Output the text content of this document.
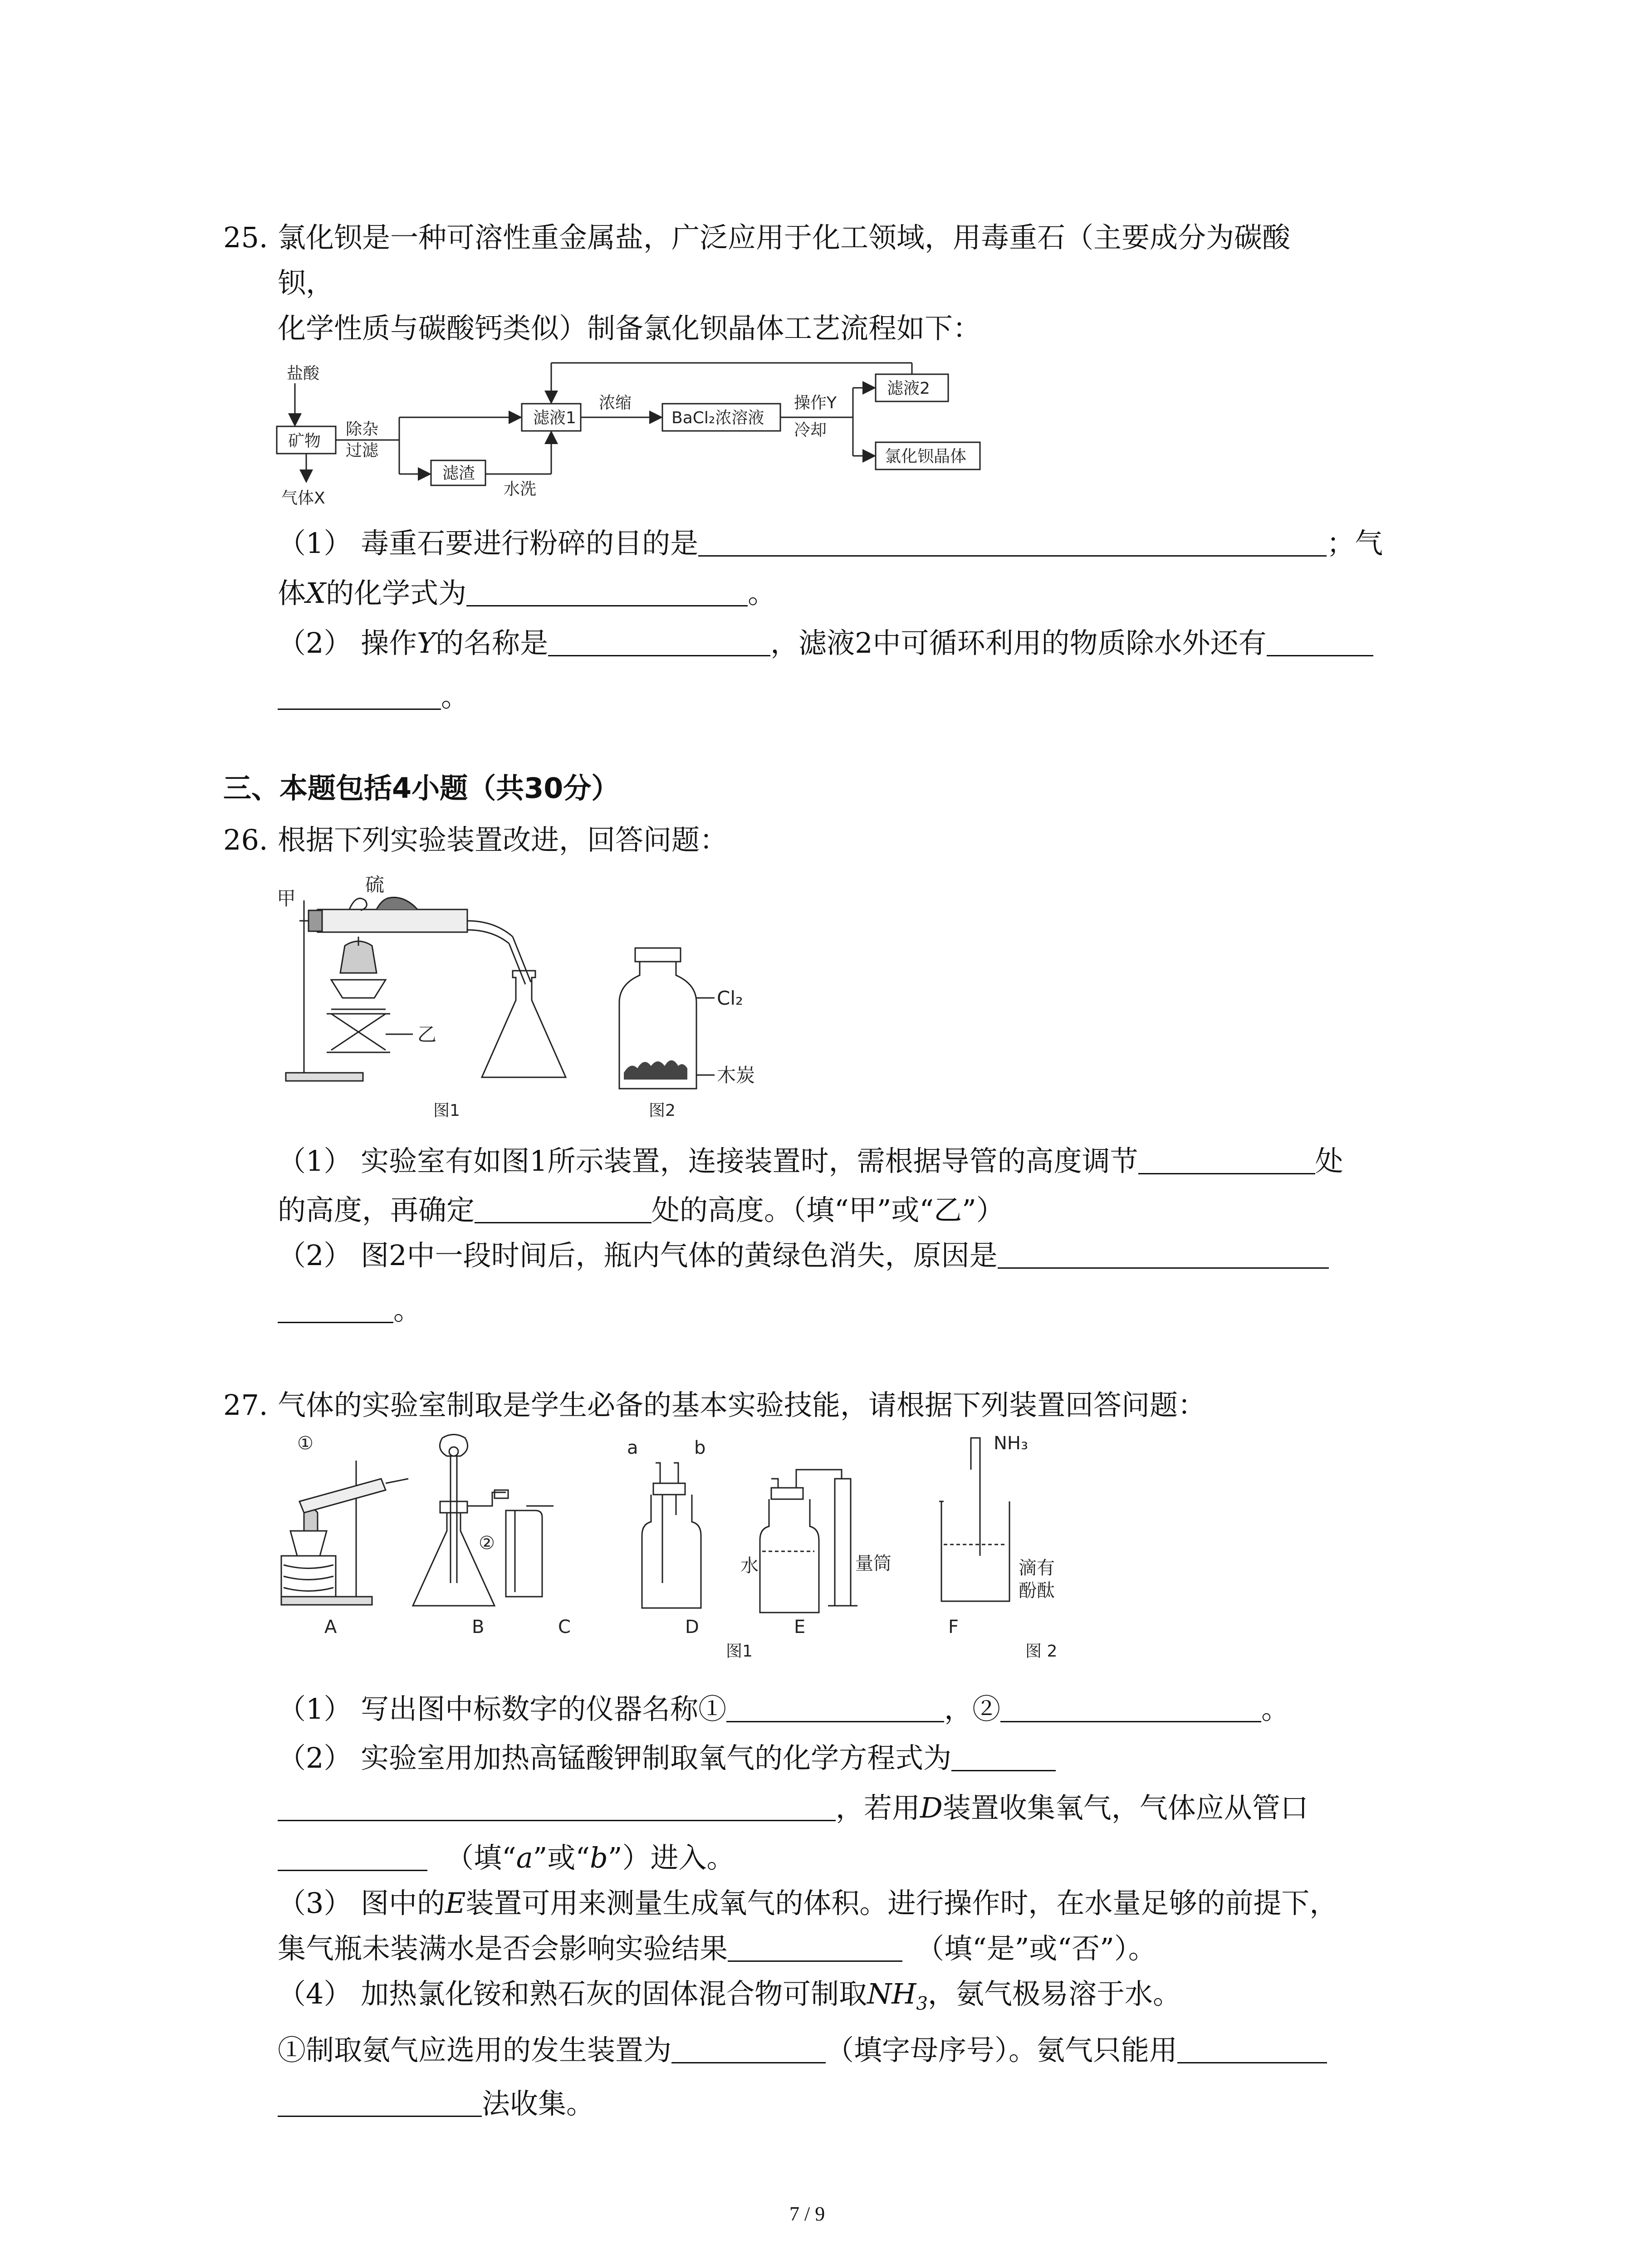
25. 氯化钡是一种可溶性重金属盐，广泛应用于化工领域，用毒重石（主要成分为碳酸
钡，
化学性质与碳酸钙类似）制备氯化钡晶体工艺流程如下：
盐酸
矿物
除杂
过滤
气体X
滤液1
滤渣
水洗
浓缩
BaCl₂浓溶液
操作Y
冷却
滤液2
氯化钡晶体
（1） 毒重石要进行粉碎的目的是	；气
体X的化学式为	。
（2） 操作Y的名称是	，滤液2中可循环利用的物质除水外还有
。
三、本题包括4小题（共30分）
26. 根据下列实验装置改进，回答问题：
甲
硫
乙
Cl₂
木炭
图1	图2
（1） 实验室有如图1所示装置，连接装置时，需根据导管的高度调节	处
的高度，再确定	处的高度。（填“甲”或“乙”）
（2） 图2中一段时间后，瓶内气体的黄绿色消失，原因是
。
27. 气体的实验室制取是学生必备的基本实验技能，请根据下列装置回答问题：
①
②
a	b	NH₃
水	量筒	滴有
酚酞
A	B	C	D	E	F
图1	图 2
（1） 写出图中标数字的仪器名称①	，②	。
（2） 实验室用加热高锰酸钾制取氧气的化学方程式为
，若用D装置收集氧气，气体应从管口
（填“a”或“b”）进入。
（3） 图中的E装置可用来测量生成氧气的体积。进行操作时，在水量足够的前提下，
集气瓶未装满水是否会影响实验结果	（填“是”或“否”）。
（4） 加热氯化铵和熟石灰的固体混合物可制取$NH_3$，氨气极易溶于水。
①制取氨气应选用的发生装置为	（填字母序号）。氨气只能用
法收集。
7 / 9
